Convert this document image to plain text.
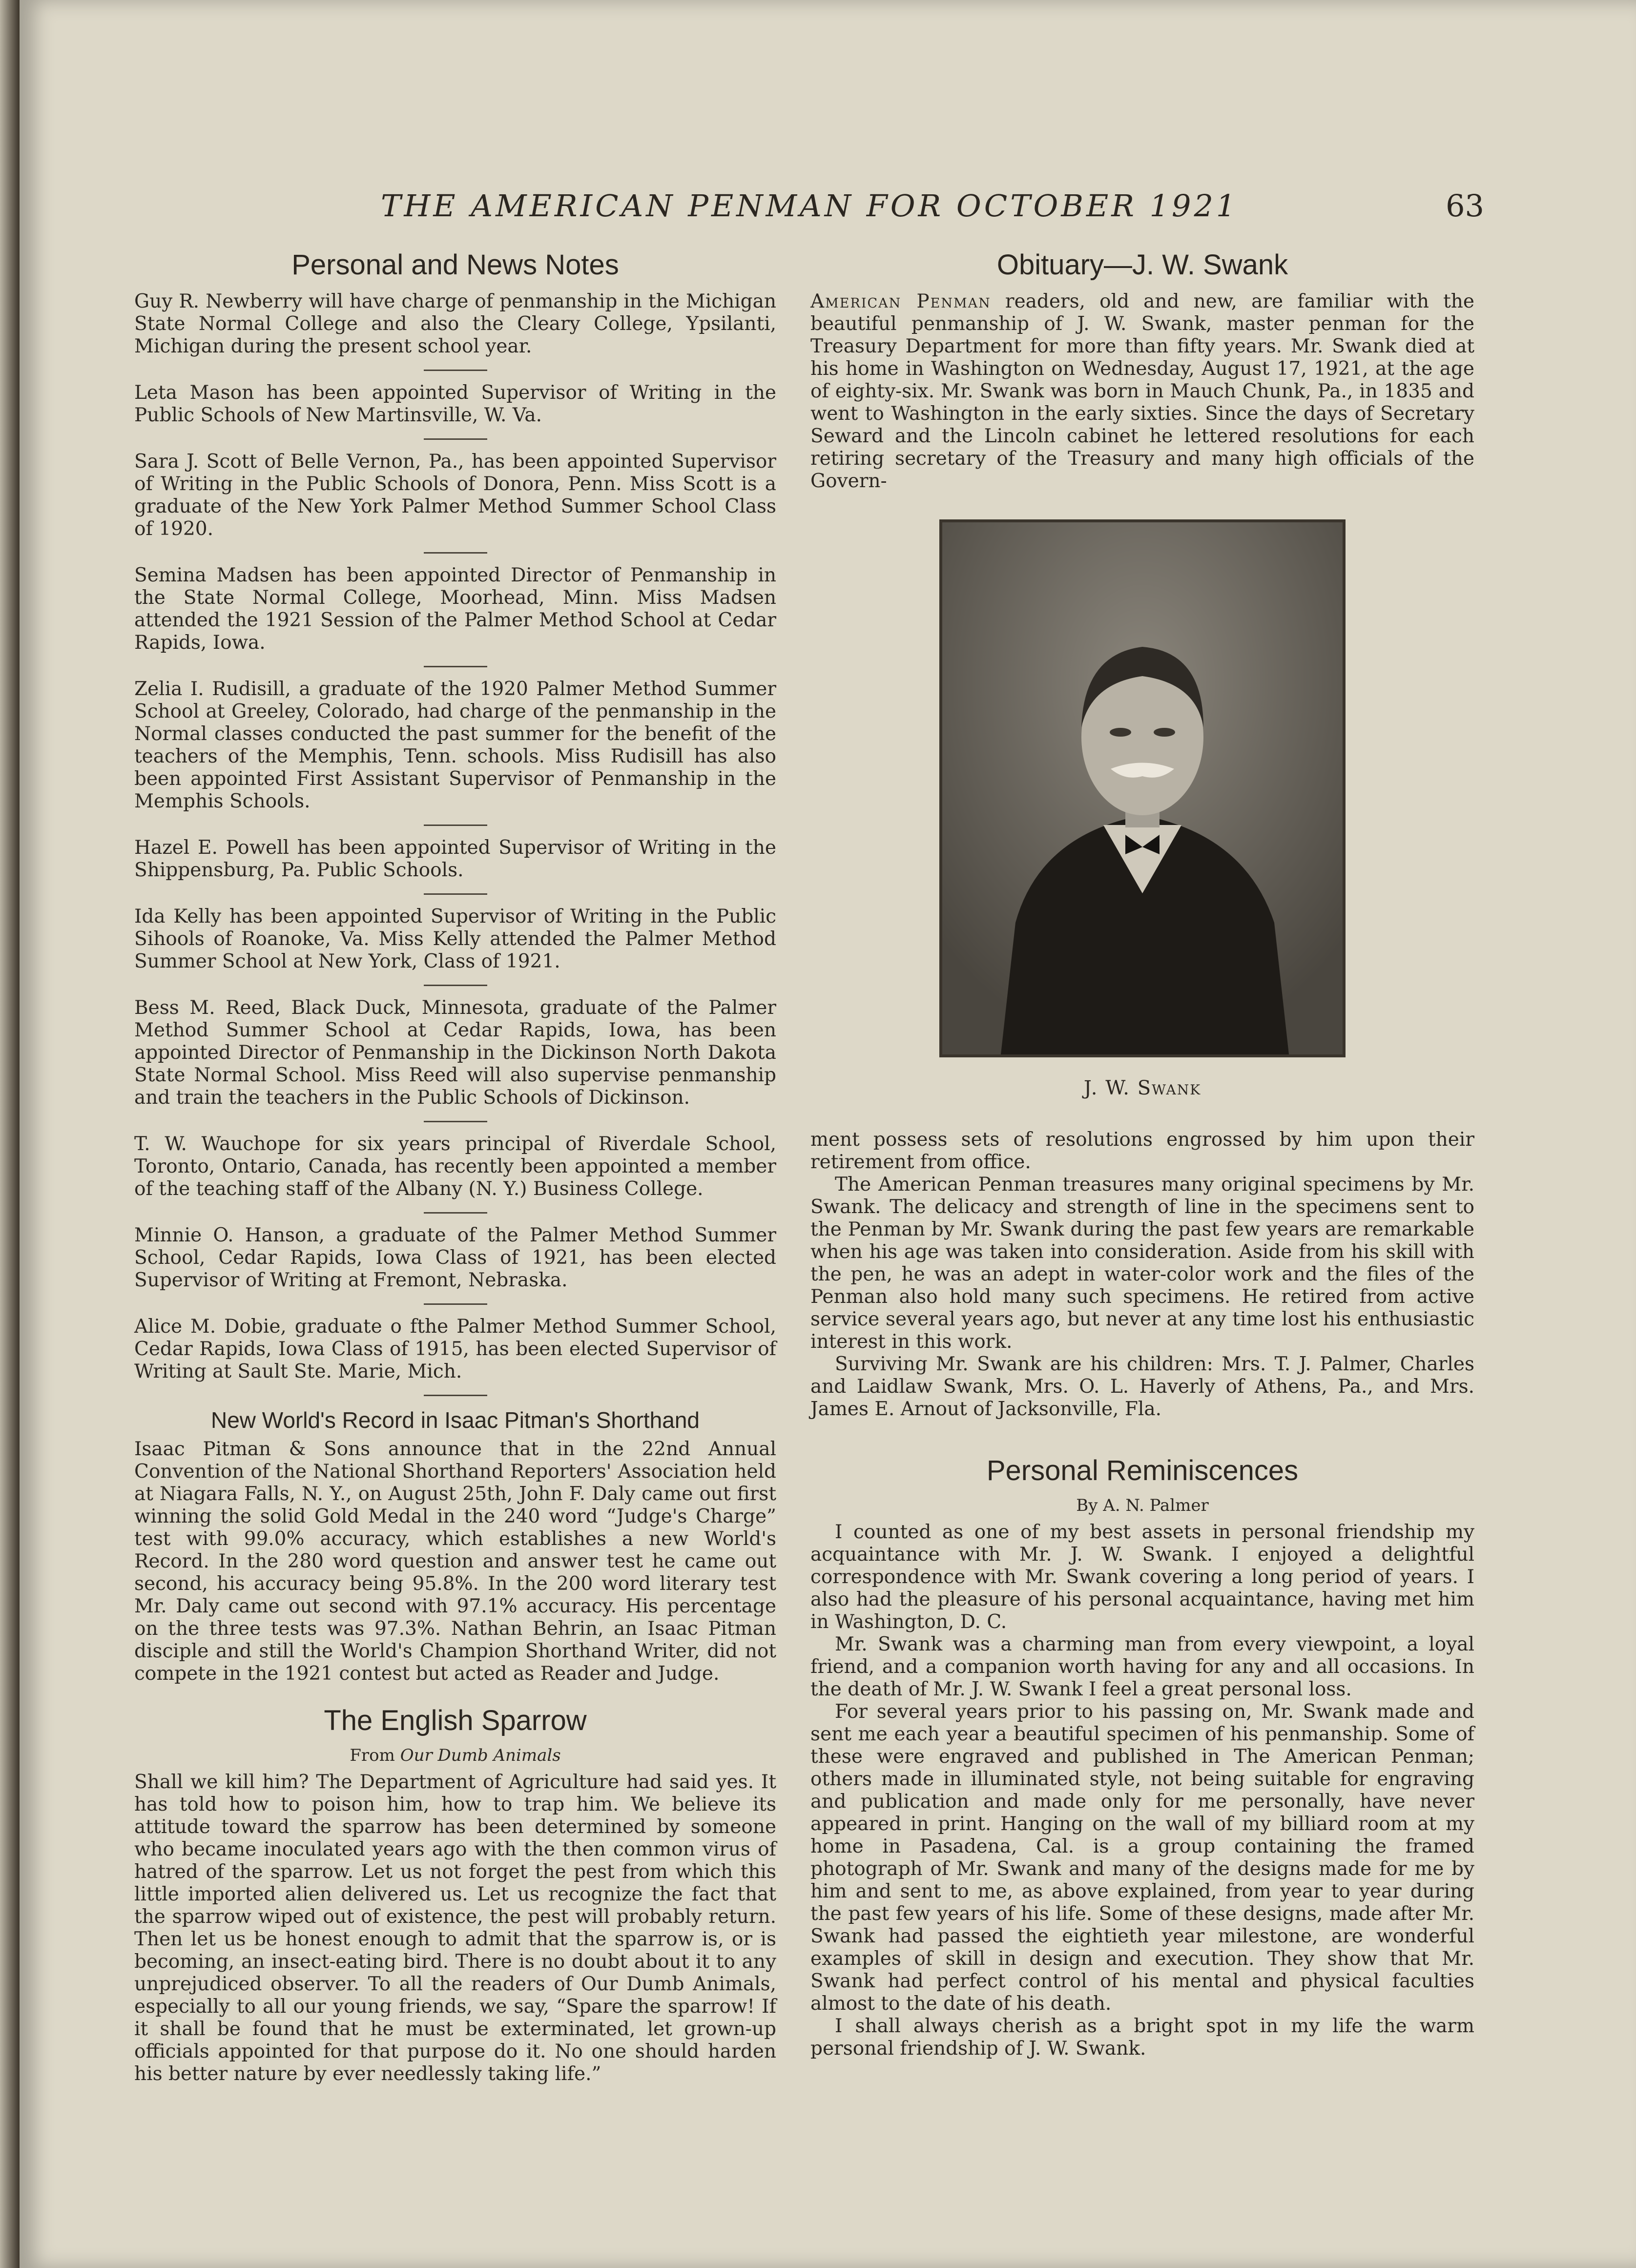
THE AMERICAN PENMAN FOR OCTOBER 1921	63
Personal and News Notes

Guy R. Newberry will have charge of penmanship in the Michigan State Normal College and also the Cleary College, Ypsilanti, Michigan during the present school year.

Leta Mason has been appointed Supervisor of Writing in the Public Schools of New Martinsville, W. Va.

Sara J. Scott of Belle Vernon, Pa., has been appointed Supervisor of Writing in the Public Schools of Donora, Penn. Miss Scott is a graduate of the New York Palmer Method Summer School Class of 1920.

Semina Madsen has been appointed Director of Penmanship in the State Normal College, Moorhead, Minn. Miss Madsen attended the 1921 Session of the Palmer Method School at Cedar Rapids, Iowa.

Zelia I. Rudisill, a graduate of the 1920 Palmer Method Summer School at Greeley, Colorado, had charge of the penmanship in the Normal classes conducted the past summer for the benefit of the teachers of the Memphis, Tenn. schools. Miss Rudisill has also been appointed First Assistant Supervisor of Penmanship in the Memphis Schools.

Hazel E. Powell has been appointed Supervisor of Writing in the Shippensburg, Pa. Public Schools.

Ida Kelly has been appointed Supervisor of Writing in the Public Sihools of Roanoke, Va. Miss Kelly attended the Palmer Method Summer School at New York, Class of 1921.

Bess M. Reed, Black Duck, Minnesota, graduate of the Palmer Method Summer School at Cedar Rapids, Iowa, has been appointed Director of Penmanship in the Dickinson North Dakota State Normal School. Miss Reed will also supervise penmanship and train the teachers in the Public Schools of Dickinson.

T. W. Wauchope for six years principal of Riverdale School, Toronto, Ontario, Canada, has recently been appointed a member of the teaching staff of the Albany (N. Y.) Business College.

Minnie O. Hanson, a graduate of the Palmer Method Summer School, Cedar Rapids, Iowa Class of 1921, has been elected Supervisor of Writing at Fremont, Nebraska.

Alice M. Dobie, graduate o fthe Palmer Method Summer School, Cedar Rapids, Iowa Class of 1915, has been elected Supervisor of Writing at Sault Ste. Marie, Mich.

New World's Record in Isaac Pitman's Shorthand

Isaac Pitman & Sons announce that in the 22nd Annual Convention of the National Shorthand Reporters' Association held at Niagara Falls, N. Y., on August 25th, John F. Daly came out first winning the solid Gold Medal in the 240 word “Judge's Charge” test with 99.0% accuracy, which establishes a new World's Record. In the 280 word question and answer test he came out second, his accuracy being 95.8%. In the 200 word literary test Mr. Daly came out second with 97.1% accuracy. His percentage on the three tests was 97.3%. Nathan Behrin, an Isaac Pitman disciple and still the World's Champion Shorthand Writer, did not compete in the 1921 contest but acted as Reader and Judge.

The English Sparrow
From Our Dumb Animals

Shall we kill him? The Department of Agriculture had said yes. It has told how to poison him, how to trap him. We believe its attitude toward the sparrow has been determined by someone who became inoculated years ago with the then common virus of hatred of the sparrow. Let us not forget the pest from which this little imported alien delivered us. Let us recognize the fact that the sparrow wiped out of existence, the pest will probably return. Then let us be honest enough to admit that the sparrow is, or is becoming, an insect-eating bird. There is no doubt about it to any unprejudiced observer. To all the readers of Our Dumb Animals, especially to all our young friends, we say, “Spare the sparrow! If it shall be found that he must be exterminated, let grown-up officials appointed for that purpose do it. No one should harden his better nature by ever needlessly taking life.”

Obituary—J. W. Swank

American Penman readers, old and new, are familiar with the beautiful penmanship of J. W. Swank, master penman for the Treasury Department for more than fifty years. Mr. Swank died at his home in Washington on Wednesday, August 17, 1921, at the age of eighty-six. Mr. Swank was born in Mauch Chunk, Pa., in 1835 and went to Washington in the early sixties. Since the days of Secretary Seward and the Lincoln cabinet he lettered resolutions for each retiring secretary of the Treasury and many high officials of the Govern-

J. W. Swank

ment possess sets of resolutions engrossed by him upon their retirement from office.

The American Penman treasures many original specimens by Mr. Swank. The delicacy and strength of line in the specimens sent to the Penman by Mr. Swank during the past few years are remarkable when his age was taken into consideration. Aside from his skill with the pen, he was an adept in water-color work and the files of the Penman also hold many such specimens. He retired from active service several years ago, but never at any time lost his enthusiastic interest in this work.

Surviving Mr. Swank are his children: Mrs. T. J. Palmer, Charles and Laidlaw Swank, Mrs. O. L. Haverly of Athens, Pa., and Mrs. James E. Arnout of Jacksonville, Fla.

Personal Reminiscences
By A. N. Palmer

I counted as one of my best assets in personal friendship my acquaintance with Mr. J. W. Swank. I enjoyed a delightful correspondence with Mr. Swank covering a long period of years. I also had the pleasure of his personal acquaintance, having met him in Washington, D. C.

Mr. Swank was a charming man from every viewpoint, a loyal friend, and a companion worth having for any and all occasions. In the death of Mr. J. W. Swank I feel a great personal loss.

For several years prior to his passing on, Mr. Swank made and sent me each year a beautiful specimen of his penmanship. Some of these were engraved and published in The American Penman; others made in illuminated style, not being suitable for engraving and publication and made only for me personally, have never appeared in print. Hanging on the wall of my billiard room at my home in Pasadena, Cal. is a group containing the framed photograph of Mr. Swank and many of the designs made for me by him and sent to me, as above explained, from year to year during the past few years of his life. Some of these designs, made after Mr. Swank had passed the eightieth year milestone, are wonderful examples of skill in design and execution. They show that Mr. Swank had perfect control of his mental and physical faculties almost to the date of his death.

I shall always cherish as a bright spot in my life the warm personal friendship of J. W. Swank.
